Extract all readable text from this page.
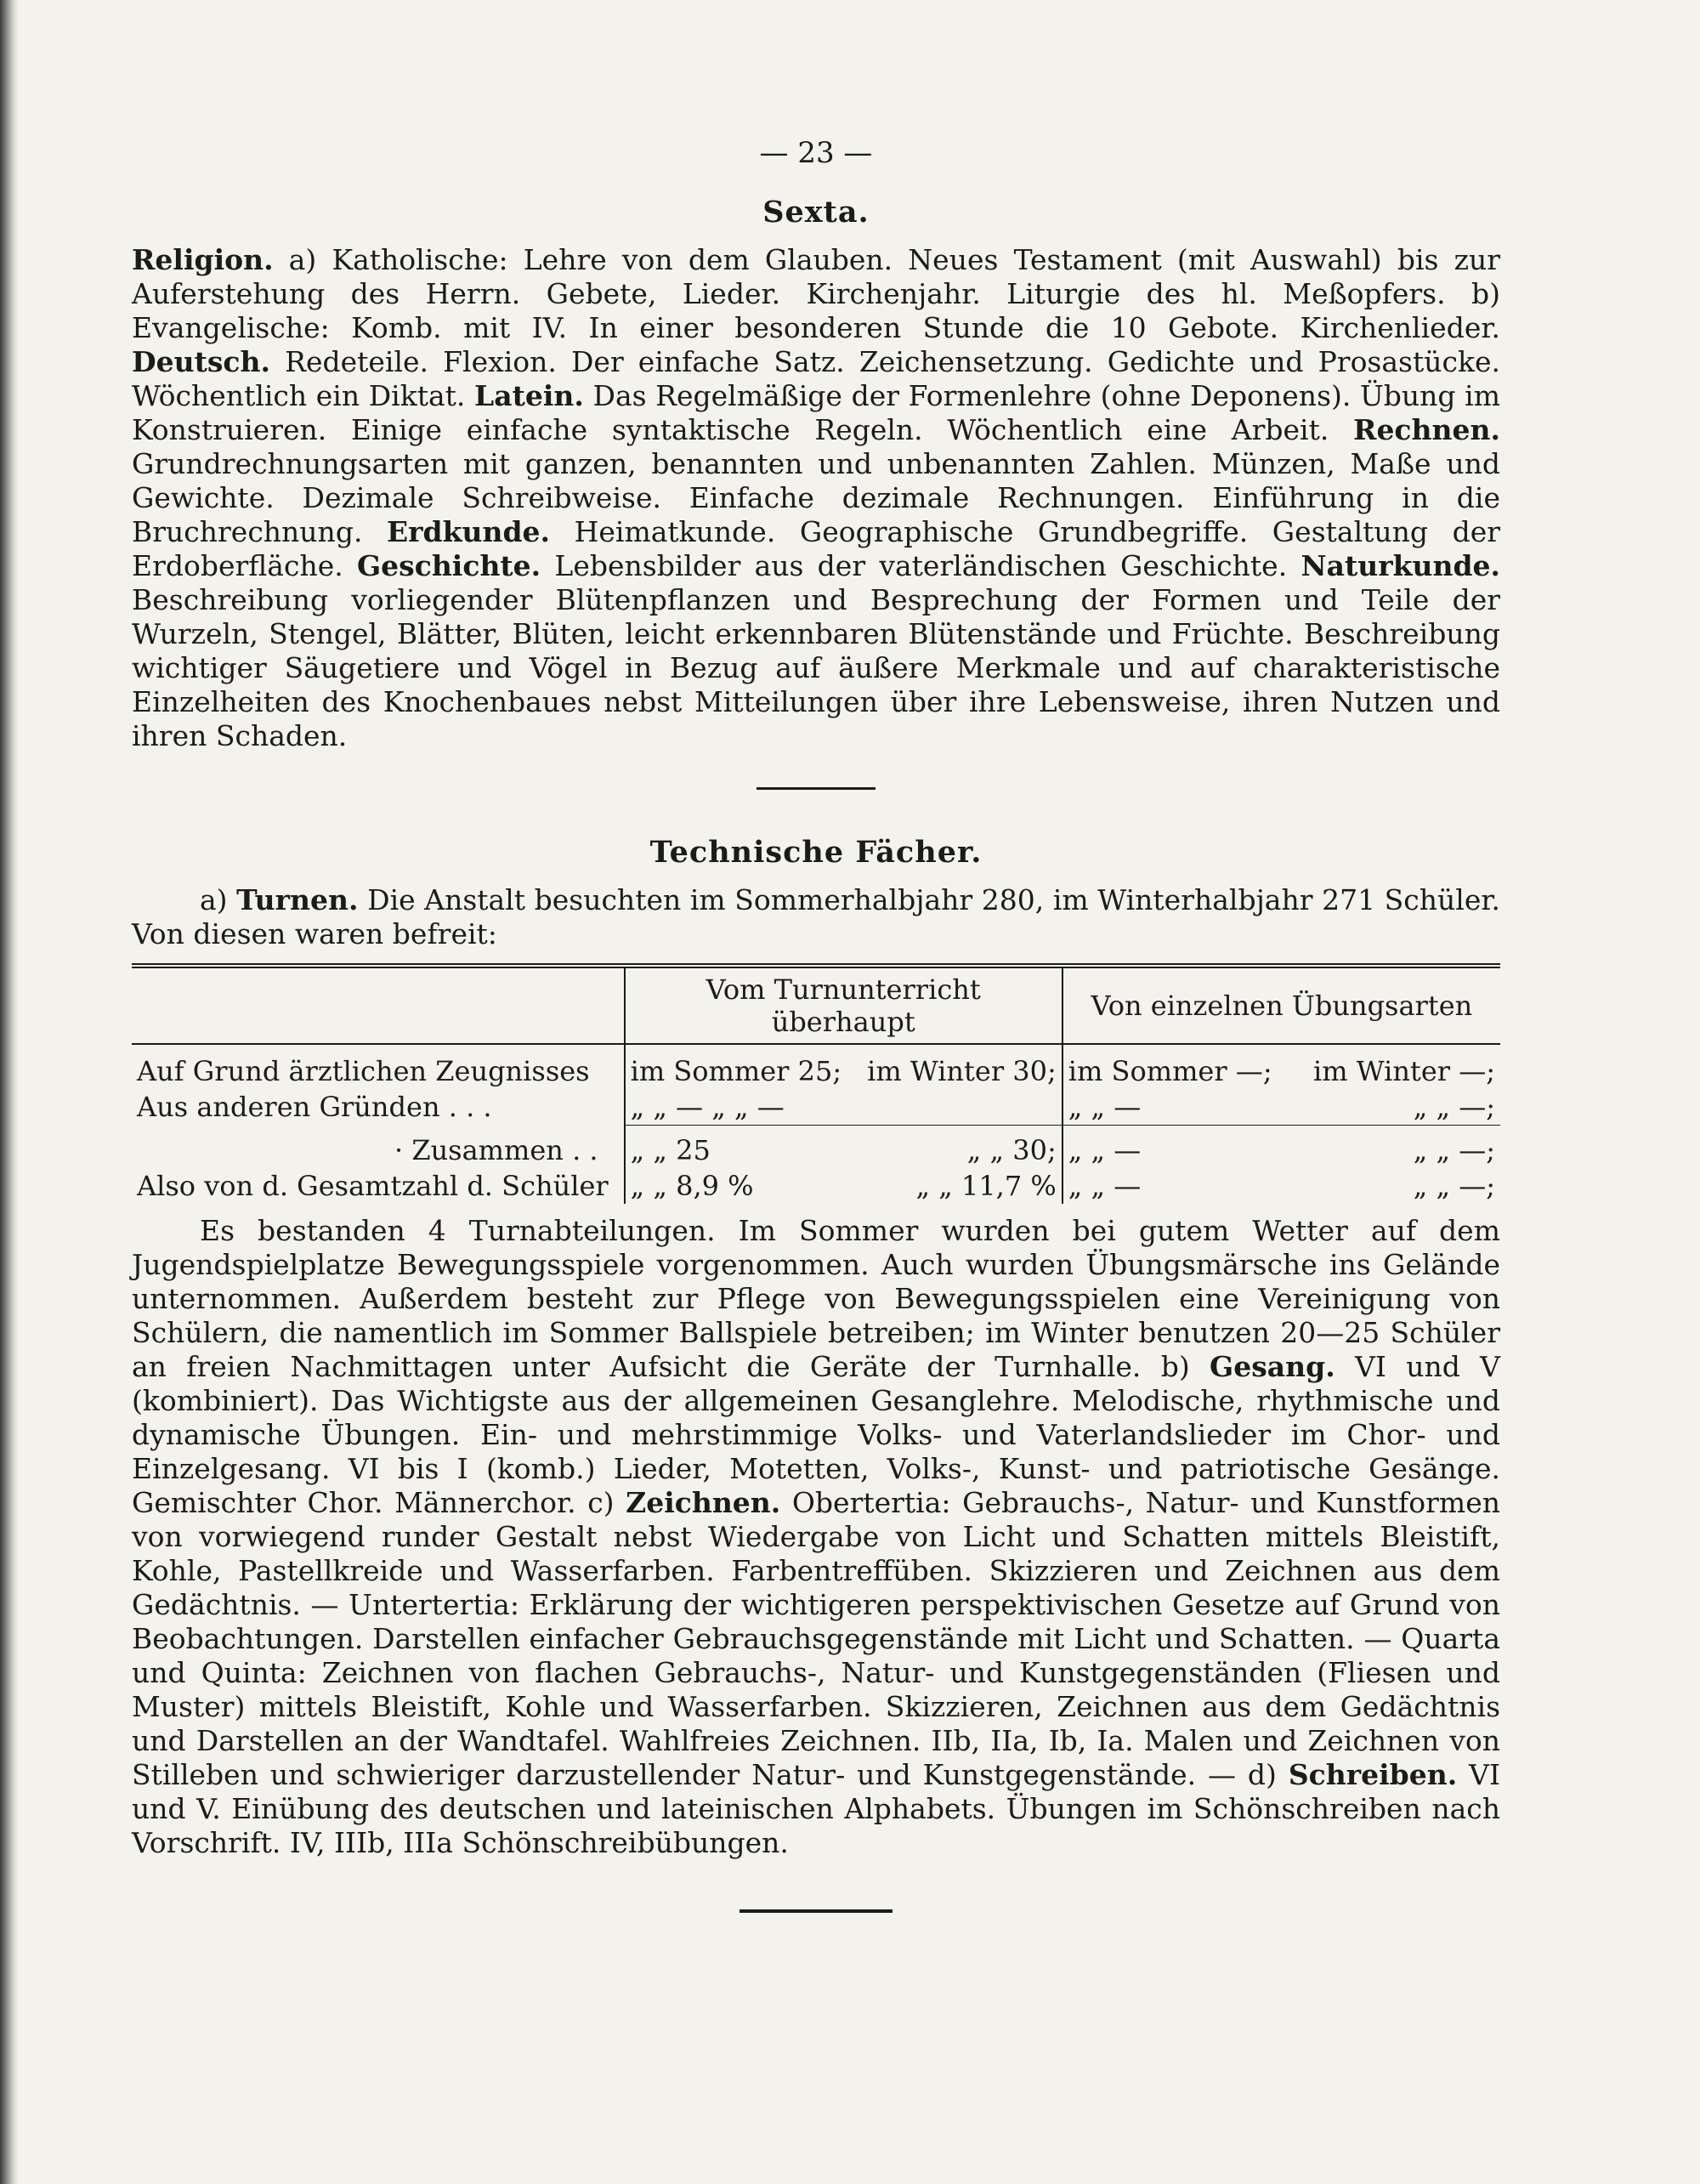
— 23 —
Sexta.

Religion. a) Katholische: Lehre von dem Glauben. Neues Testament (mit Auswahl) bis zur Auferstehung des Herrn. Gebete, Lieder. Kirchenjahr. Liturgie des hl. Meßopfers. b) Evangelische: Komb. mit IV. In einer besonderen Stunde die 10 Gebote. Kirchenlieder. Deutsch. Redeteile. Flexion. Der einfache Satz. Zeichensetzung. Gedichte und Prosastücke. Wöchentlich ein Diktat. Latein. Das Regelmäßige der Formenlehre (ohne Deponens). Übung im Konstruieren. Einige einfache syntaktische Regeln. Wöchentlich eine Arbeit. Rechnen. Grundrechnungsarten mit ganzen, benannten und unbenannten Zahlen. Münzen, Maße und Gewichte. Dezimale Schreibweise. Einfache dezimale Rechnungen. Einführung in die Bruchrechnung. Erdkunde. Heimatkunde. Geographische Grundbegriffe. Gestaltung der Erdoberfläche. Geschichte. Lebensbilder aus der vaterländischen Geschichte. Naturkunde. Beschreibung vorliegender Blütenpflanzen und Besprechung der Formen und Teile der Wurzeln, Stengel, Blätter, Blüten, leicht erkennbaren Blütenstände und Früchte. Beschreibung wichtiger Säugetiere und Vögel in Bezug auf äußere Merkmale und auf charakteristische Einzelheiten des Knochenbaues nebst Mitteilungen über ihre Lebensweise, ihren Nutzen und ihren Schaden.

Technische Fächer.

a) Turnen. Die Anstalt besuchten im Sommerhalbjahr 280, im Winterhalbjahr 271 Schüler. Von diesen waren befreit:

	Vom Turnunterricht überhaupt	Von einzelnen Übungsarten
Auf Grund ärztlichen Zeugnisses	im Sommer 25; im Winter 30;	im Sommer —; im Winter —;

Aus anderen Gründen . . .	„ „ — „ „ —	„ „ — „ „ —;

· Zusammen . .	„ „ 25 „ „ 30;	„ „ — „ „ —;

Also von d. Gesamtzahl d. Schüler	„ „ 8,9 % „ „ 11,7 %	„ „ — „ „ —;

Es bestanden 4 Turnabteilungen. Im Sommer wurden bei gutem Wetter auf dem Jugendspielplatze Bewegungsspiele vorgenommen. Auch wurden Übungsmärsche ins Gelände unternommen. Außerdem besteht zur Pflege von Bewegungsspielen eine Vereinigung von Schülern, die namentlich im Sommer Ballspiele betreiben; im Winter benutzen 20—25 Schüler an freien Nachmittagen unter Aufsicht die Geräte der Turnhalle. b) Gesang. VI und V (kombiniert). Das Wichtigste aus der allgemeinen Gesanglehre. Melodische, rhythmische und dynamische Übungen. Ein- und mehrstimmige Volks- und Vaterlandslieder im Chor- und Einzelgesang. VI bis I (komb.) Lieder, Motetten, Volks-, Kunst- und patriotische Gesänge. Gemischter Chor. Männerchor. c) Zeichnen. Obertertia: Gebrauchs-, Natur- und Kunstformen von vorwiegend runder Gestalt nebst Wiedergabe von Licht und Schatten mittels Bleistift, Kohle, Pastellkreide und Wasserfarben. Farbentreffüben. Skizzieren und Zeichnen aus dem Gedächtnis. — Untertertia: Erklärung der wichtigeren perspektivischen Gesetze auf Grund von Beobachtungen. Darstellen einfacher Gebrauchsgegenstände mit Licht und Schatten. — Quarta und Quinta: Zeichnen von flachen Gebrauchs-, Natur- und Kunstgegenständen (Fliesen und Muster) mittels Bleistift, Kohle und Wasserfarben. Skizzieren, Zeichnen aus dem Gedächtnis und Darstellen an der Wandtafel. Wahlfreies Zeichnen. IIb, IIa, Ib, Ia. Malen und Zeichnen von Stilleben und schwieriger darzustellender Natur- und Kunstgegenstände. — d) Schreiben. VI und V. Einübung des deutschen und lateinischen Alphabets. Übungen im Schönschreiben nach Vorschrift. IV, IIIb, IIIa Schönschreibübungen.
